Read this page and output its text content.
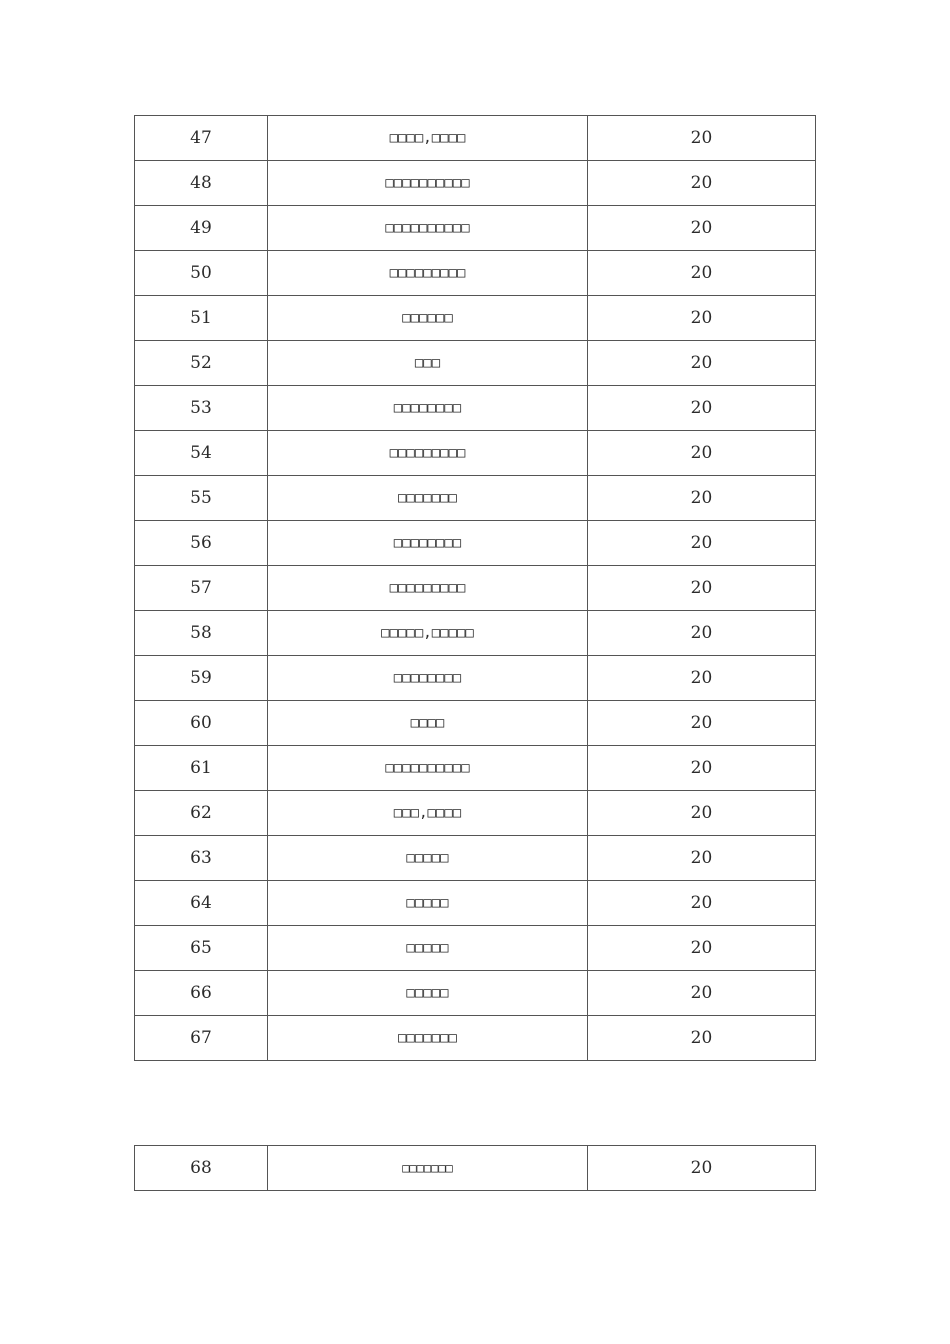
47	□□□□,□□□□	20
48	□□□□□□□□□□	20
49	□□□□□□□□□□	20
50	□□□□□□□□□	20
51	□□□□□□	20
52	□□□	20
53	□□□□□□□□	20
54	□□□□□□□□□	20
55	□□□□□□□	20
56	□□□□□□□□	20
57	□□□□□□□□□	20
58	□□□□□,□□□□□	20
59	□□□□□□□□	20
60	□□□□	20
61	□□□□□□□□□□	20
62	□□□,□□□□	20
63	□□□□□	20
64	□□□□□	20
65	□□□□□	20
66	□□□□□	20
67	□□□□□□□	20
68	□□□□□□□	20
